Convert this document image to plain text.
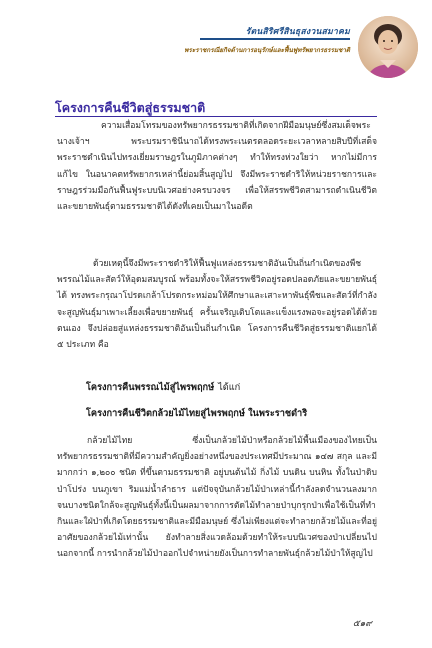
รัตนสิริศรีสินธุสงวนสมาคม
พระราชกรณียกิจด้านการอนุรักษ์และฟื้นฟูทรัพยากรธรรมชาติ
โครงการคืนชีวิตสู่ธรรมชาติ
ความเสื่อมโทรมของทรัพยากรธรรมชาติที่เกิดจากฝีมือมนุษย์ซึ่งสมเด็จพระนางเจ้าฯ พระบรมราชินีนาถได้ทรงพระเนตรตลอดระยะเวลาหลายสิบปีที่เสด็จพระราชดำเนินไปทรงเยี่ยมราษฎรในภูมิภาคต่างๆ ทำให้ทรงห่วงใยว่า หากไม่มีการแก้ไข ในอนาคตทรัพยากรเหล่านี้ย่อมสิ้นสูญไป จึงมีพระราชดำริให้หน่วยราชการและราษฎรร่วมมือกันฟื้นฟูระบบนิเวศอย่างครบวงจร เพื่อให้สรรพชีวิตสามารถดำเนินชีวิตและขยายพันธุ์ตามธรรมชาติได้ดังที่เคยเป็นมาในอดีต
ด้วยเหตุนี้จึงมีพระราชดำริให้ฟื้นฟูแหล่งธรรมชาติอันเป็นถิ่นกำเนิดของพืชพรรณไม้และสัตว์ให้อุดมสมบูรณ์ พร้อมทั้งจะให้สรรพชีวิตอยู่รอดปลอดภัยและขยายพันธุ์ได้ ทรงพระกรุณาโปรดเกล้าโปรดกระหม่อมให้ศึกษาและเสาะหาพันธุ์พืชและสัตว์ที่กำลังจะสูญพันธุ์มาเพาะเลี้ยงเพื่อขยายพันธุ์ ครั้นเจริญเติบโตและแข็งแรงพอจะอยู่รอดได้ด้วยตนเอง จึงปล่อยสู่แหล่งธรรมชาติอันเป็นถิ่นกำเนิด โครงการคืนชีวิตสู่ธรรมชาติแยกได้ ๕ ประเภท คือ
โครงการคืนพรรณไม้สู่ไพรพฤกษ์ ได้แก่
โครงการคืนชีวิตกล้วยไม้ไทยสู่ไพรพฤกษ์ ในพระราชดำริ
กล้วยไม้ไทย ซึ่งเป็นกล้วยไม้ป่าหรือกล้วยไม้พื้นเมืองของไทยเป็นทรัพยากรธรรมชาติที่มีความสำคัญยิ่งอย่างหนึ่งของประเทศมีประมาณ ๑๔๗ สกุล และมีมากกว่า ๑,๒๐๐ ชนิด ที่ขึ้นตามธรรมชาติ อยู่บนต้นไม้ กิ่งไม้ บนดิน บนหิน ทั้งในป่าดิบ ป่าโปร่ง บนภูเขา ริมแม่น้ำลำธาร แต่ปัจจุบันกล้วยไม้ป่าเหล่านี้กำลังลดจำนวนลงมาก จนบางชนิดใกล้จะสูญพันธุ์ทั้งนี้เป็นผลมาจากการตัดไม้ทำลายป่าบุกรุกป่าเพื่อใช้เป็นที่ทำกินและใฝ่ป่าที่เกิดโดยธรรมชาติและมีมือมนุษย์ ซึ่งไม่เพียงแต่จะทำลายกล้วยไม้และที่อยู่อาศัยของกล้วยไม้เท่านั้น ยังทำลายสิ่งแวดล้อมด้วยทำให้ระบบนิเวศของป่าเปลี่ยนไป นอกจากนี้ การนำกล้วยไม้ป่าออกไปจำหน่ายยังเป็นการทำลายพันธุ์กล้วยไม้ป่าให้สูญไป
๕๑๙
